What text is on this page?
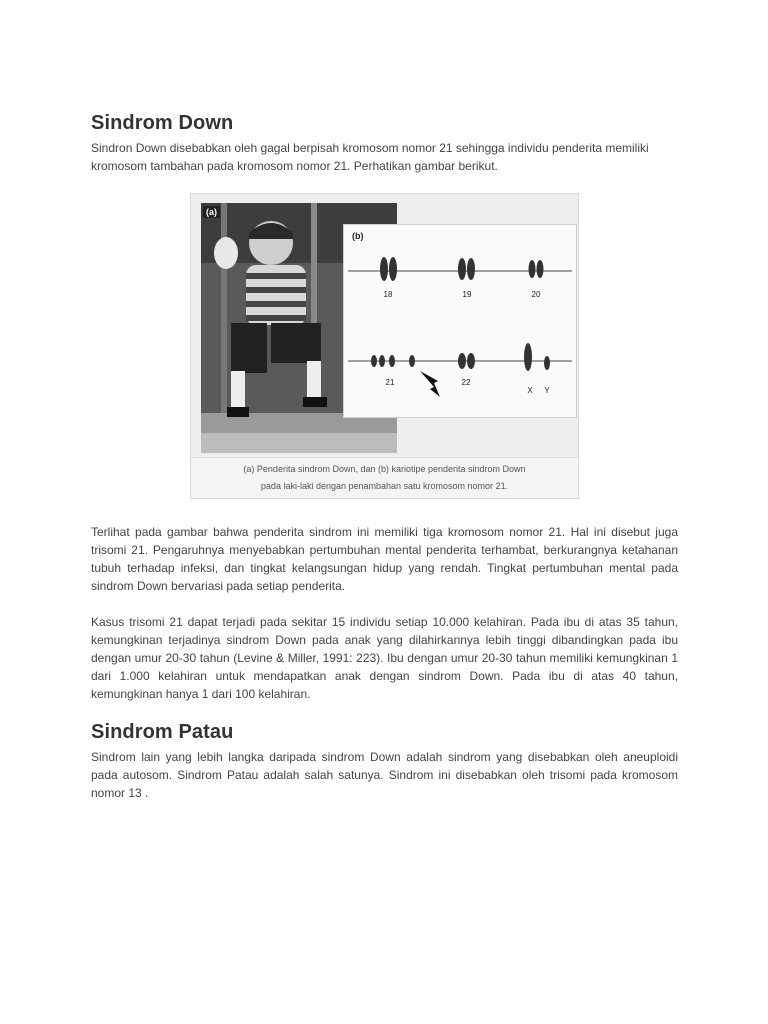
Sindrom Down

Sindron Down disebabkan oleh gagal berpisah kromosom nomor 21 sehingga individu penderita memiliki kromosom tambahan pada kromosom nomor 21. Perhatikan gambar berikut.

(a)
(b)
18	19	20
21	22
X Y
(a) Penderita sindrom Down, dan (b) kariotipe penderita sindrom Down
pada laki-laki dengan penambahan satu kromosom nomor 21.

Terlihat pada gambar bahwa penderita sindrom ini memiliki tiga kromosom nomor 21. Hal ini disebut juga trisomi 21. Pengaruhnya menyebabkan pertumbuhan mental penderita terhambat, berkurangnya ketahanan tubuh terhadap infeksi, dan tingkat kelangsungan hidup yang rendah. Tingkat pertumbuhan mental pada sindrom Down bervariasi pada setiap penderita.

Kasus trisomi 21 dapat terjadi pada sekitar 15 individu setiap 10.000 kelahiran. Pada ibu di atas 35 tahun, kemungkinan terjadinya sindrom Down pada anak yang dilahirkannya lebih tinggi dibandingkan pada ibu dengan umur 20-30 tahun (Levine & Miller, 1991: 223). Ibu dengan umur 20-30 tahun memiliki kemungkinan 1 dari 1.000 kelahiran untuk mendapatkan anak dengan sindrom Down. Pada ibu di atas 40 tahun, kemungkinan hanya 1 dari 100 kelahiran.

Sindrom Patau

Sindrom lain yang lebih langka daripada sindrom Down adalah sindrom yang disebabkan oleh aneuploidi pada autosom. Sindrom Patau adalah salah satunya. Sindrom ini disebabkan oleh trisomi pada kromosom nomor 13 .
